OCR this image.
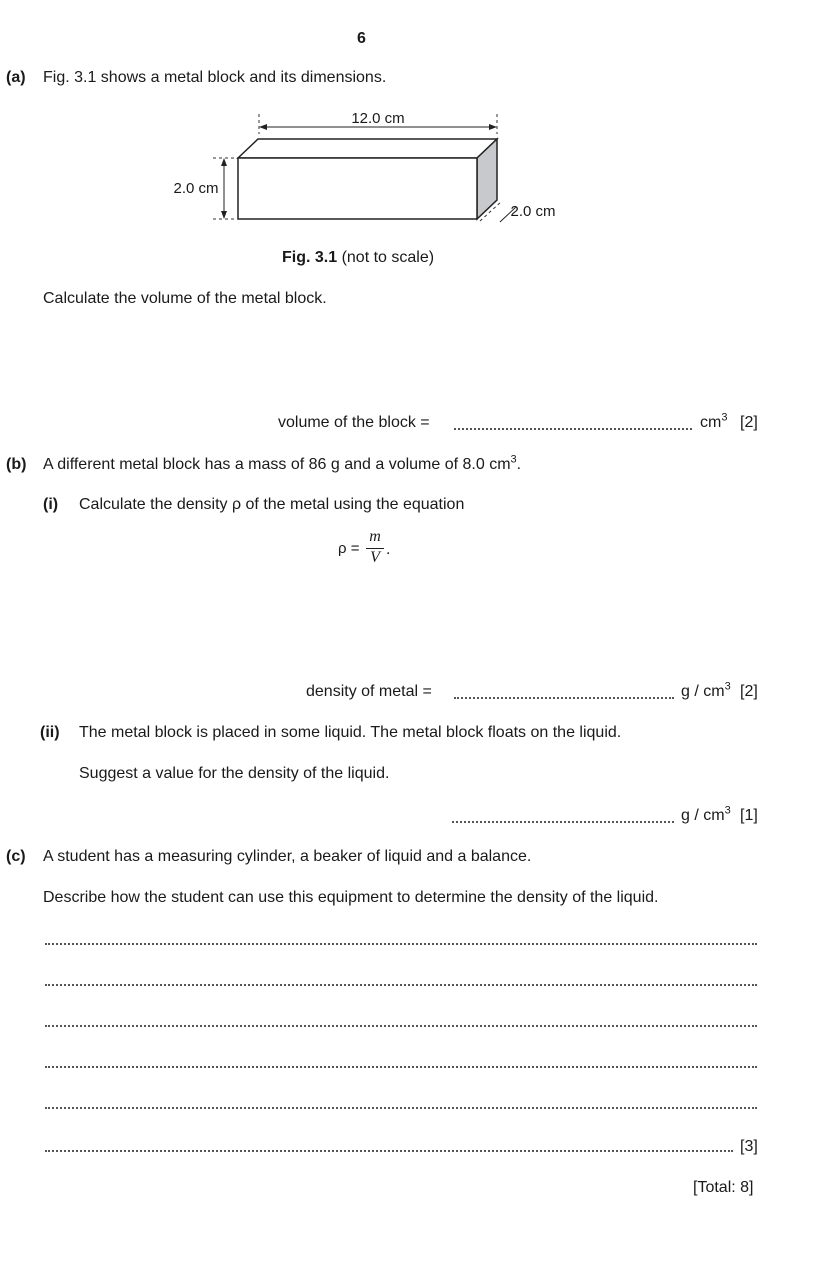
6
(a) Fig. 3.1 shows a metal block and its dimensions.
12.0 cm
2.0 cm
2.0 cm
Fig. 3.1 (not to scale)
Calculate the volume of the metal block.
volume of the block =	$cm^3$ [2]
(b) A different metal block has a mass of 86 g and a volume of 8.0 $cm^3$.
(i) Calculate the density ρ of the metal using the equation
ρ =
m
V .
density of metal =	g / $cm^3$ [2]
(ii) The metal block is placed in some liquid. The metal block floats on the liquid.
Suggest a value for the density of the liquid.
g / $cm^3$ [1]
(c) A student has a measuring cylinder, a beaker of liquid and a balance.
Describe how the student can use this equipment to determine the density of the liquid.
[3]
[Total: 8]
